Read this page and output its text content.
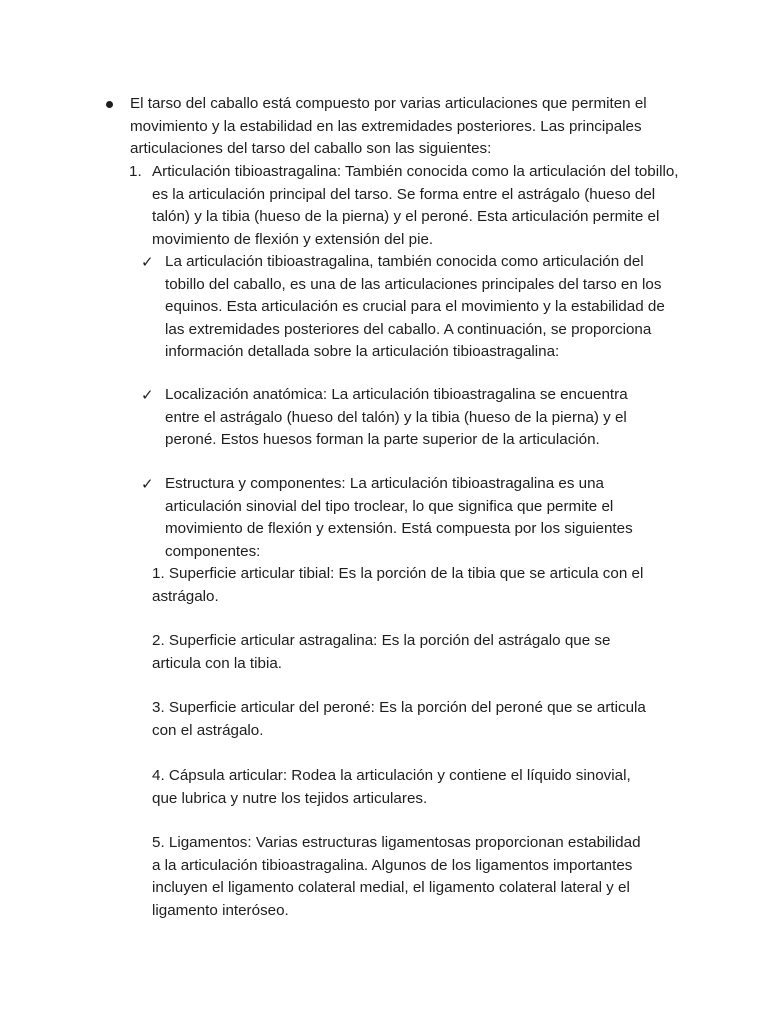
El tarso del caballo está compuesto por varias articulaciones que permiten el movimiento y la estabilidad en las extremidades posteriores. Las principales articulaciones del tarso del caballo son las siguientes:

1. Articulación tibioastragalina: También conocida como la articulación del tobillo, es la articulación principal del tarso. Se forma entre el astrágalo (hueso del talón) y la tibia (hueso de la pierna) y el peroné. Esta articulación permite el movimiento de flexión y extensión del pie.

✓ La articulación tibioastragalina, también conocida como articulación del tobillo del caballo, es una de las articulaciones principales del tarso en los equinos. Esta articulación es crucial para el movimiento y la estabilidad de las extremidades posteriores del caballo. A continuación, se proporciona información detallada sobre la articulación tibioastragalina:

✓ Localización anatómica: La articulación tibioastragalina se encuentra entre el astrágalo (hueso del talón) y la tibia (hueso de la pierna) y el peroné. Estos huesos forman la parte superior de la articulación.

✓ Estructura y componentes: La articulación tibioastragalina es una articulación sinovial del tipo troclear, lo que significa que permite el movimiento de flexión y extensión. Está compuesta por los siguientes componentes:

1. Superficie articular tibial: Es la porción de la tibia que se articula con el astrágalo.

2. Superficie articular astragalina: Es la porción del astrágalo que se articula con la tibia.

3. Superficie articular del peroné: Es la porción del peroné que se articula con el astrágalo.

4. Cápsula articular: Rodea la articulación y contiene el líquido sinovial, que lubrica y nutre los tejidos articulares.

5. Ligamentos: Varias estructuras ligamentosas proporcionan estabilidad a la articulación tibioastragalina. Algunos de los ligamentos importantes incluyen el ligamento colateral medial, el ligamento colateral lateral y el ligamento interóseo.
